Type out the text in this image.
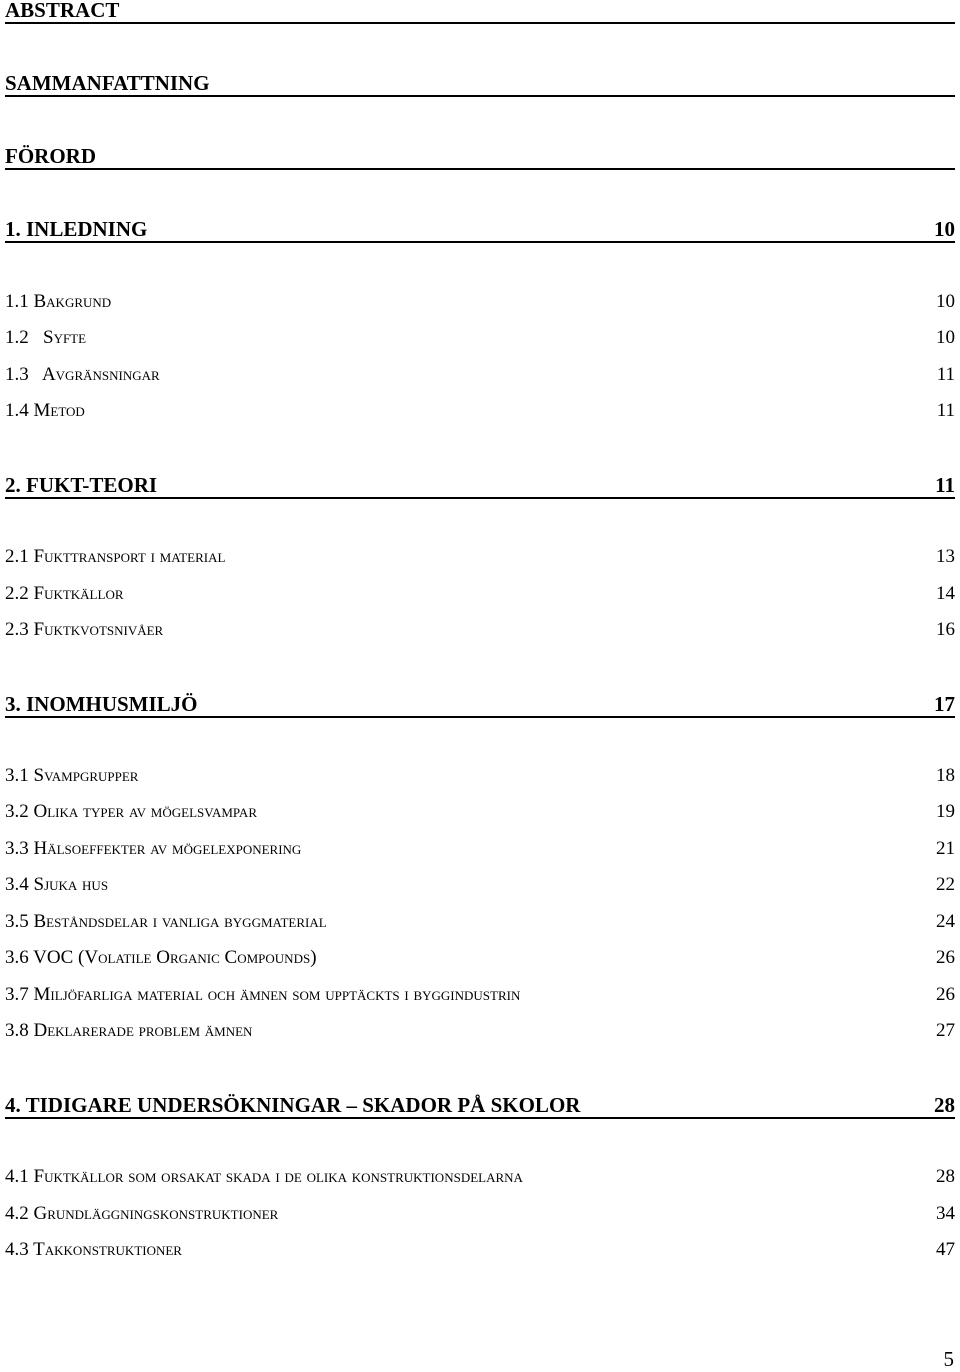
ABSTRACT
SAMMANFATTNING
FÖRORD
1. INLEDNING	10
1.1 Bakgrund	10
1.2   Syfte	10
1.3   Avgränsningar	11
1.4 Metod	11
2. FUKT-TEORI	11
2.1 Fukttransport i material	13
2.2 Fuktkällor	14
2.3 Fuktkvotsnivåer	16
3. INOMHUSMILJÖ	17
3.1 Svampgrupper	18
3.2 Olika typer av mögelsvampar	19
3.3 Hälsoeffekter av mögelexponering	21
3.4 Sjuka hus	22
3.5 Beståndsdelar i vanliga byggmaterial	24
3.6 VOC (Volatile Organic Compounds)	26
3.7 Miljöfarliga material och ämnen som upptäckts i byggindustrin	26
3.8 Deklarerade problem ämnen	27
4. TIDIGARE UNDERSÖKNINGAR – SKADOR PÅ SKOLOR	28
4.1 Fuktkällor som orsakat skada i de olika konstruktionsdelarna	28
4.2 Grundläggningskonstruktioner	34
4.3 Takkonstruktioner	47
5
